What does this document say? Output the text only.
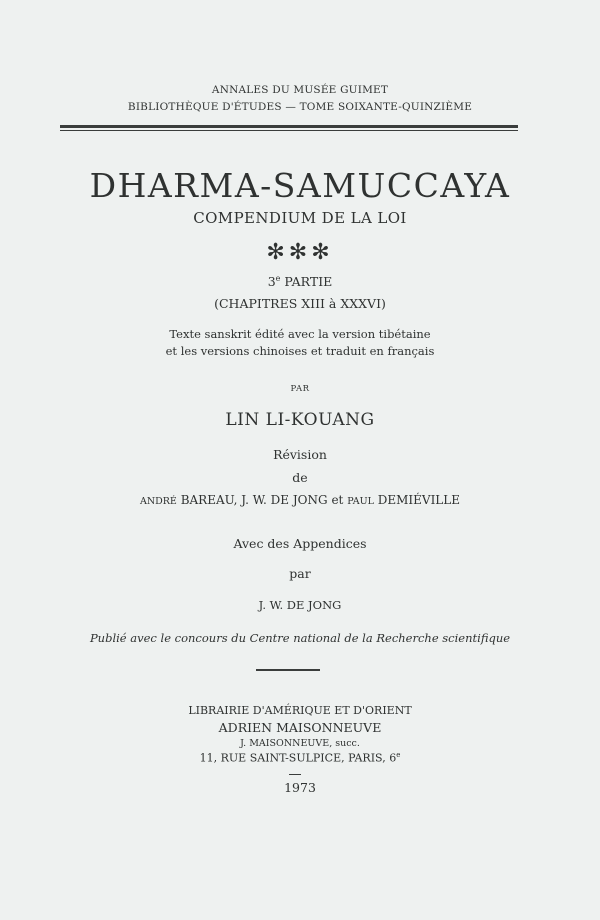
ANNALES DU MUSÉE GUIMET
BIBLIOTHÈQUE D'ÉTUDES — TOME SOIXANTE-QUINZIÈME
DHARMA-SAMUCCAYA
COMPENDIUM DE LA LOI
✻✻✻
3e PARTIE
(CHAPITRES XIII à XXXVI)
Texte sanskrit édité avec la version tibétaine
et les versions chinoises et traduit en français
PAR
LIN LI-KOUANG
Révision
de
ANDRÉ BAREAU, J. W. DE JONG et PAUL DEMIÉVILLE
Avec des Appendices
par
J. W. DE JONG
Publié avec le concours du Centre national de la Recherche scientifique
LIBRAIRIE D'AMÉRIQUE ET D'ORIENT
ADRIEN MAISONNEUVE
J. MAISONNEUVE, succ.
11, RUE SAINT-SULPICE, PARIS, 6e
1973
